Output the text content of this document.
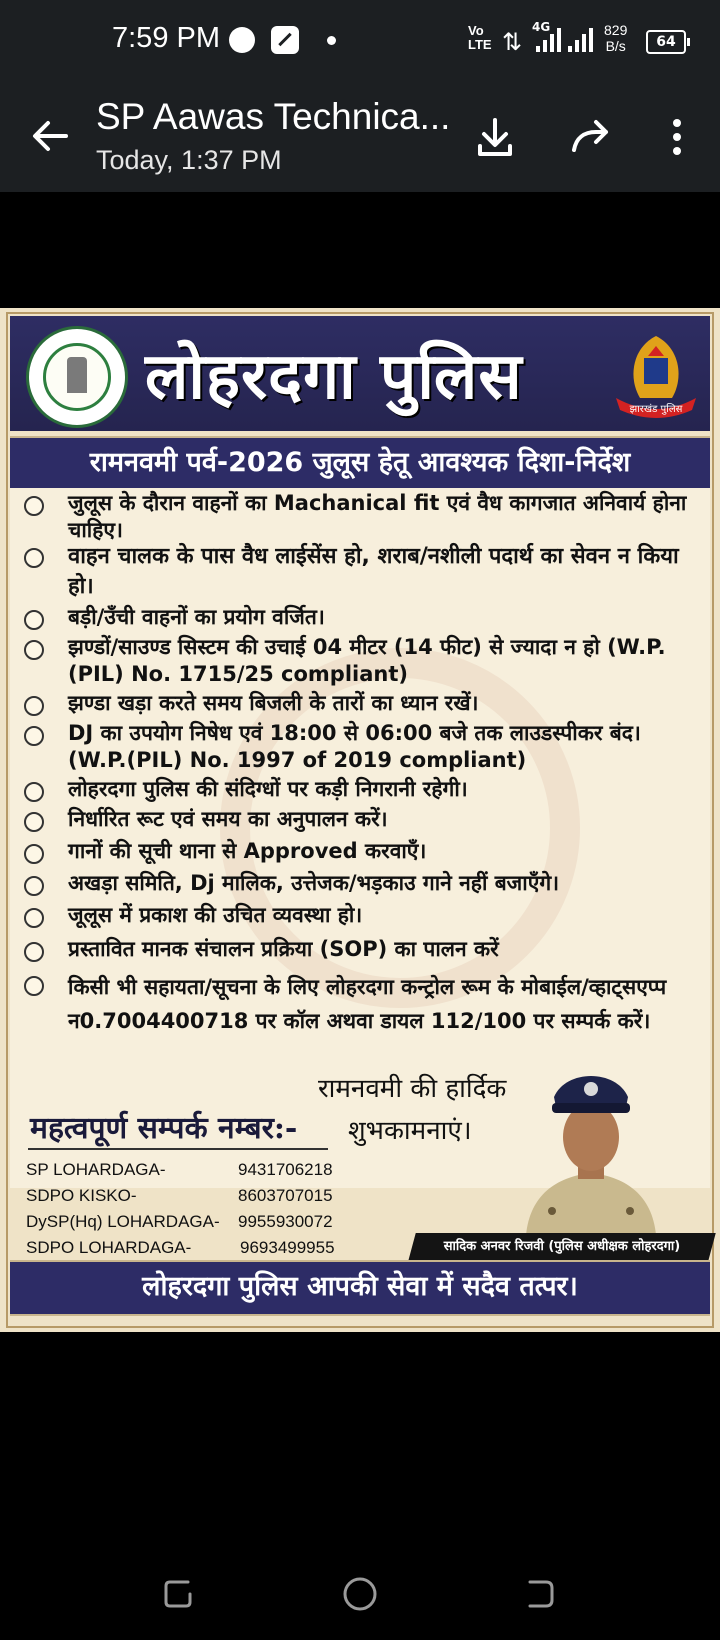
7:59 PM	Vo LTE ⇅
4G	829
B/s	64
SP Aawas Technica...
Today, 1:37 PM
लोहरदगा पुलिस	झारखंड पुलिस
रामनवमी पर्व-2026 जुलूस हेतू आवश्यक दिशा-निर्देश
जुलूस के दौरान वाहनों का Machanical fit एवं वैध कागजात अनिवार्य होना चाहिए।
वाहन चालक के पास वैध लाईसेंस हो, शराब/नशीली पदार्थ का सेवन न किया हो।
बड़ी/उँची वाहनों का प्रयोग वर्जित।
झण्डों/साउण्ड सिस्टम की उचाई 04 मीटर (14 फीट) से ज्यादा न हो (W.P.(PIL) No. 1715/25 compliant)
झण्डा खड़ा करते समय बिजली के तारों का ध्यान रखें।
DJ का उपयोग निषेध एवं 18:00 से 06:00 बजे तक लाउडस्पीकर बंद। (W.P.(PIL) No. 1997 of 2019 compliant)
लोहरदगा पुलिस की संदिग्धों पर कड़ी निगरानी रहेगी।
निर्धारित रूट एवं समय का अनुपालन करें।
गानों की सूची थाना से Approved करवाएँ।
अखड़ा समिति, Dj मालिक, उत्तेजक/भड़काउ गाने नहीं बजाएँगे।
जूलूस में प्रकाश की उचित व्यवस्था हो।
प्रस्तावित मानक संचालन प्रक्रिया (SOP) का पालन करें
किसी भी सहायता/सूचना के लिए लोहरदगा कन्ट्रोल रूम के मोबाईल/व्हाट्सएप्प न0.7004400718 पर कॉल अथवा डायल 112/100 पर सम्पर्क करें।
रामनवमी की हार्दिक
शुभकामनाएं।
महत्वपूर्ण सम्पर्क नम्बर:-
SP LOHARDAGA-	9431706218
SDPO KISKO-	8603707015
DySP(Hq) LOHARDAGA- 9955930072
SDPO LOHARDAGA-	9693499955	सादिक अनवर रिजवी (पुलिस अधीक्षक लोहरदगा)
लोहरदगा पुलिस आपकी सेवा में सदैव तत्पर।
